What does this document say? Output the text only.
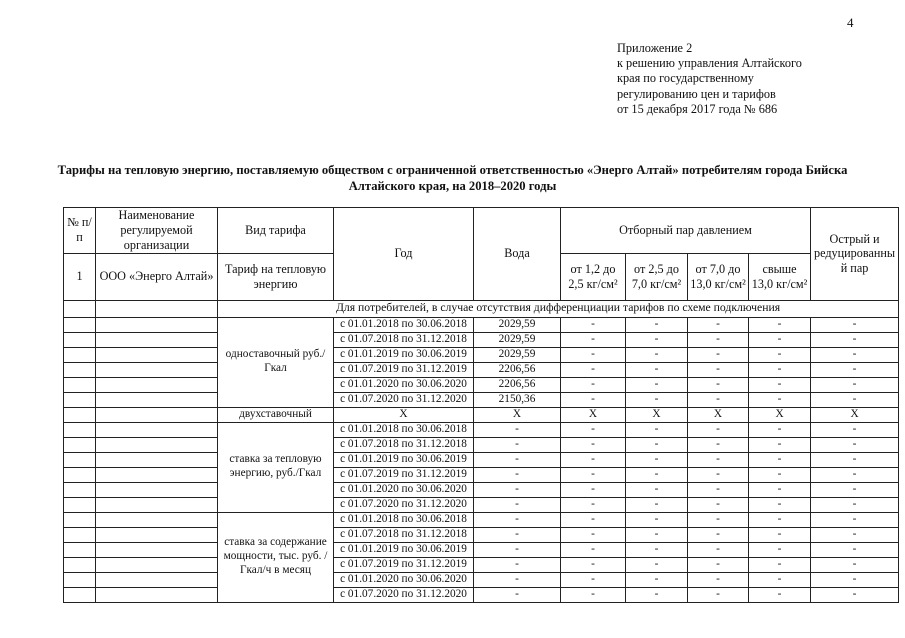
4
Приложение 2
к решению управления Алтайского
края по государственному
регулированию цен и тарифов
от 15 декабря 2017 года № 686
Тарифы на тепловую энергию, поставляемую обществом с ограниченной ответственностью «Энерго Алтай» потребителям города Бийска Алтайского края, на 2018–2020 годы
№ п/п	Наименование регулируемой организации	Вид тарифа	Год	Вода	Отборный пар давлением				Острый и редуцированный пар
1	ООО «Энерго Алтай»	Тариф на тепловую энергию			от 1,2 до 2,5 кг/см²	от 2,5 до 7,0 кг/см²	от 7,0 до 13,0 кг/см²	свыше 13,0 кг/см²	
		Для потребителей, в случае отсутствия дифференциации тарифов по схеме подключения							
		одноставочный руб./Гкал	с 01.01.2018 по 30.06.2018	2029,59	-	-	-	-	-
			с 01.07.2018 по 31.12.2018	2029,59	-	-	-	-	-
			с 01.01.2019 по 30.06.2019	2029,59	-	-	-	-	-
			с 01.07.2019 по 31.12.2019	2206,56	-	-	-	-	-
			с 01.01.2020 по 30.06.2020	2206,56	-	-	-	-	-
			с 01.07.2020 по 31.12.2020	2150,36	-	-	-	-	-
		двухставочный	X	X	X	X	X	X	X
		ставка за тепловую энергию, руб./Гкал	с 01.01.2018 по 30.06.2018	-	-	-	-	-	-
			с 01.07.2018 по 31.12.2018	-	-	-	-	-	-
			с 01.01.2019 по 30.06.2019	-	-	-	-	-	-
			с 01.07.2019 по 31.12.2019	-	-	-	-	-	-
			с 01.01.2020 по 30.06.2020	-	-	-	-	-	-
			с 01.07.2020 по 31.12.2020	-	-	-	-	-	-
		ставка за содержание мощности, тыс. руб. /Гкал/ч в месяц	с 01.01.2018 по 30.06.2018	-	-	-	-	-	-
			с 01.07.2018 по 31.12.2018	-	-	-	-	-	-
			с 01.01.2019 по 30.06.2019	-	-	-	-	-	-
			с 01.07.2019 по 31.12.2019	-	-	-	-	-	-
			с 01.01.2020 по 30.06.2020	-	-	-	-	-	-
			с 01.07.2020 по 31.12.2020	-	-	-	-	-	-
